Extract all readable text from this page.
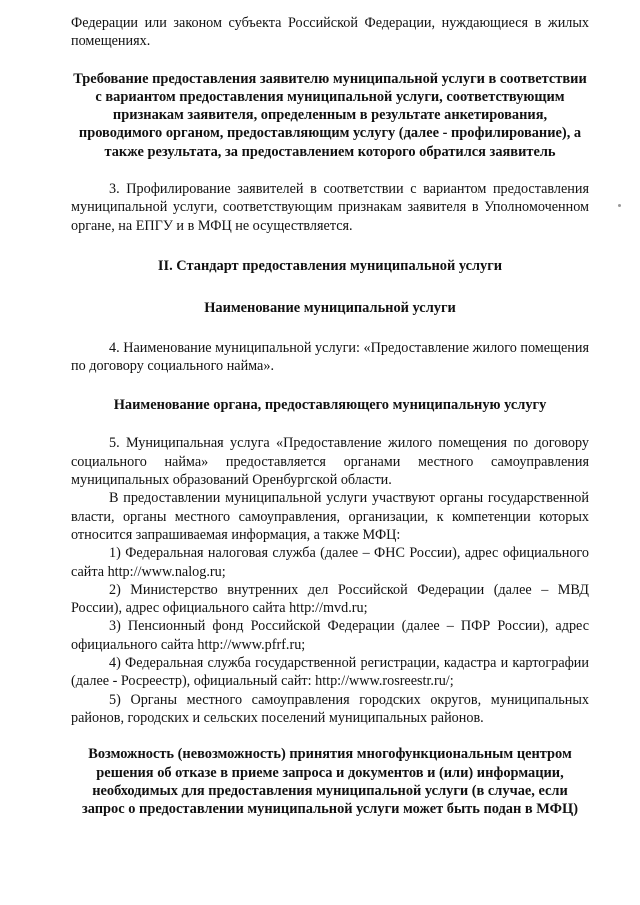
Федерации или законом субъекта Российской Федерации, нуждающиеся в жилых помещениях.

Требование предоставления заявителю муниципальной услуги в соответствии с вариантом предоставления муниципальной услуги, соответствующим признакам заявителя, определенным в результате анкетирования, проводимого органом, предоставляющим услугу (далее - профилирование), а также результата, за предоставлением которого обратился заявитель

3. Профилирование заявителей в соответствии с вариантом предоставления муниципальной услуги, соответствующим признакам заявителя в Уполномоченном органе, на ЕПГУ и в МФЦ не осуществляется.

II. Стандарт предоставления муниципальной услуги

Наименование муниципальной услуги

4. Наименование муниципальной услуги: «Предоставление жилого помещения по договору социального найма».

Наименование органа, предоставляющего муниципальную услугу

5. Муниципальная услуга «Предоставление жилого помещения по договору социального найма» предоставляется органами местного самоуправления муниципальных образований Оренбургской области.

В предоставлении муниципальной услуги участвуют органы государственной власти, органы местного самоуправления, организации, к компетенции которых относится запрашиваемая информация, а также МФЦ:

1) Федеральная налоговая служба (далее – ФНС России), адрес официального сайта http://www.nalog.ru;

2) Министерство внутренних дел Российской Федерации (далее – МВД России), адрес официального сайта http://mvd.ru;

3) Пенсионный фонд Российской Федерации (далее – ПФР России), адрес официального сайта http://www.pfrf.ru;

4) Федеральная служба государственной регистрации, кадастра и картографии (далее - Росреестр), официальный сайт: http://www.rosreestr.ru/;

5) Органы местного самоуправления городских округов, муниципальных районов, городских и сельских поселений муниципальных районов.

Возможность (невозможность) принятия многофункциональным центром решения об отказе в приеме запроса и документов и (или) информации, необходимых для предоставления муниципальной услуги (в случае, если запрос о предоставлении муниципальной услуги может быть подан в МФЦ)
